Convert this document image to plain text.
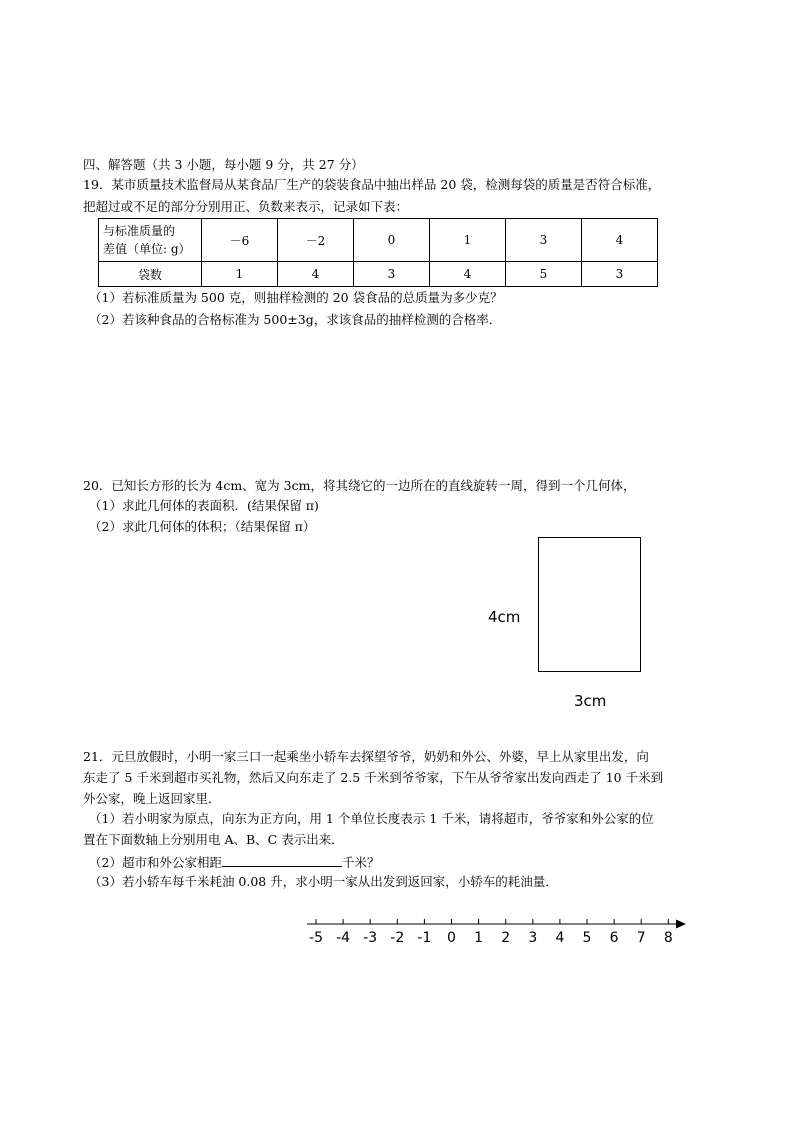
四、解答题（共 3 小题，每小题 9 分，共 27 分）
19．某市质量技术监督局从某食品厂生产的袋装食品中抽出样品 20 袋，检测每袋的质量是否符合标准，
把超过或不足的部分分别用正、负数来表示，记录如下表：
与标准质量的
差值（单位: g）	－6	－2	0	1	3	4
袋数	1	4	3	4	5	3
（1）若标准质量为 500 克，则抽样检测的 20 袋食品的总质量为多少克？
（2）若该种食品的合格标准为 500±3g，求该食品的抽样检测的合格率．
20．已知长方形的长为 4cm、宽为 3cm，将其绕它的一边所在的直线旋转一周，得到一个几何体，
（1）求此几何体的表面积．(结果保留 π)
（2）求此几何体的体积；（结果保留 π）
4cm
3cm
21．元旦放假时，小明一家三口一起乘坐小轿车去探望爷爷，奶奶和外公、外婆，早上从家里出发，向
东走了 5 千米到超市买礼物，然后又向东走了 2.5 千米到爷爷家，下午从爷爷家出发向西走了 10 千米到
外公家，晚上返回家里．
（1）若小明家为原点，向东为正方向，用 1 个单位长度表示 1 千米，请将超市，爷爷家和外公家的位
置在下面数轴上分别用电 A、B、C 表示出来．
（2）超市和外公家相距	千米？
（3）若小轿车每千米耗油 0.08 升，求小明一家从出发到返回家，小轿车的耗油量．
-5 -4 -3 -2 -1 0 1 2 3 4 5 6 7 8
